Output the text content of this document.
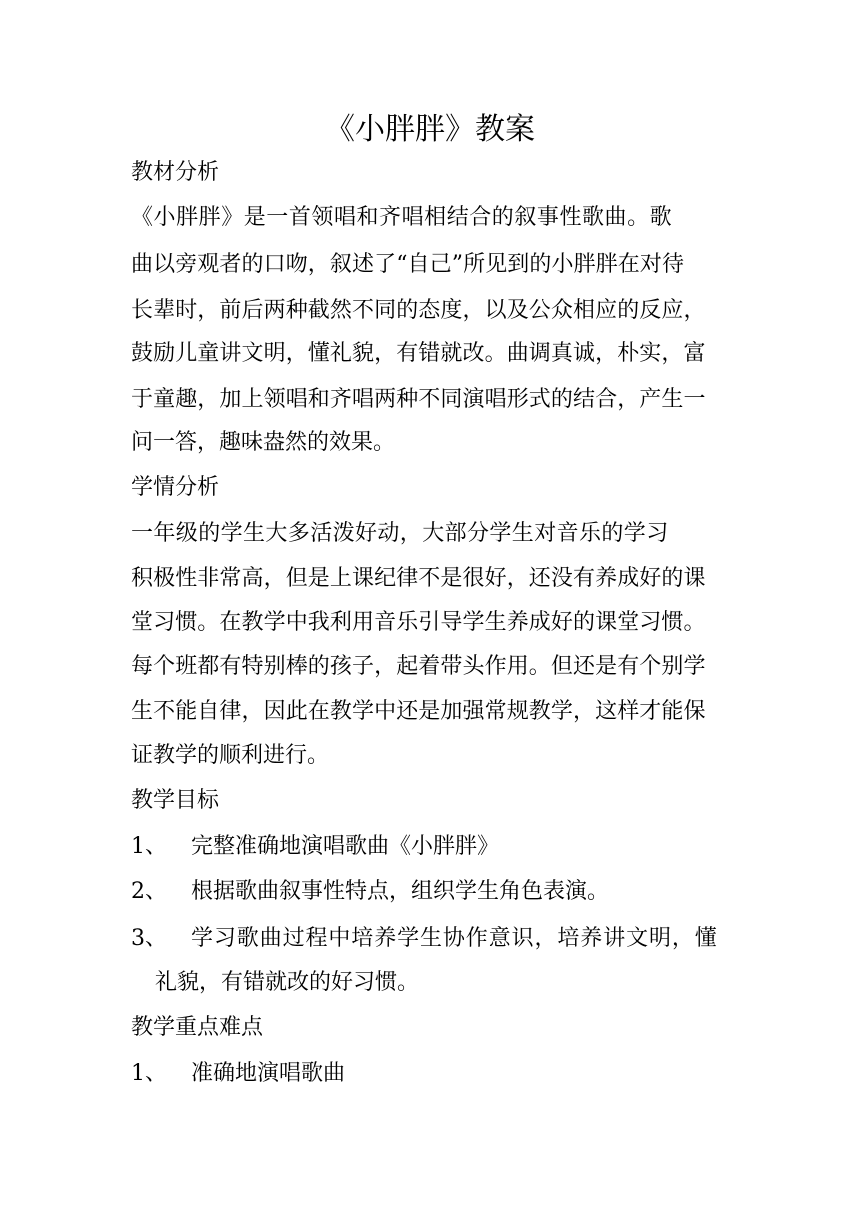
《小胖胖》教案
教材分析
《小胖胖》是一首领唱和齐唱相结合的叙事性歌曲。歌
曲以旁观者的口吻，叙述了“自己”所见到的小胖胖在对待
长辈时，前后两种截然不同的态度，以及公众相应的反应，
鼓励儿童讲文明，懂礼貌，有错就改。曲调真诚，朴实，富
于童趣，加上领唱和齐唱两种不同演唱形式的结合，产生一
问一答，趣味盎然的效果。
学情分析
一年级的学生大多活泼好动，大部分学生对音乐的学习
积极性非常高，但是上课纪律不是很好，还没有养成好的课
堂习惯。在教学中我利用音乐引导学生养成好的课堂习惯。
每个班都有特别棒的孩子，起着带头作用。但还是有个别学
生不能自律，因此在教学中还是加强常规教学，这样才能保
证教学的顺利进行。
教学目标
1、 完整准确地演唱歌曲《小胖胖》
2、 根据歌曲叙事性特点，组织学生角色表演。
3、 学习歌曲过程中培养学生协作意识，培养讲文明，懂
礼貌，有错就改的好习惯。
教学重点难点
1、 准确地演唱歌曲
